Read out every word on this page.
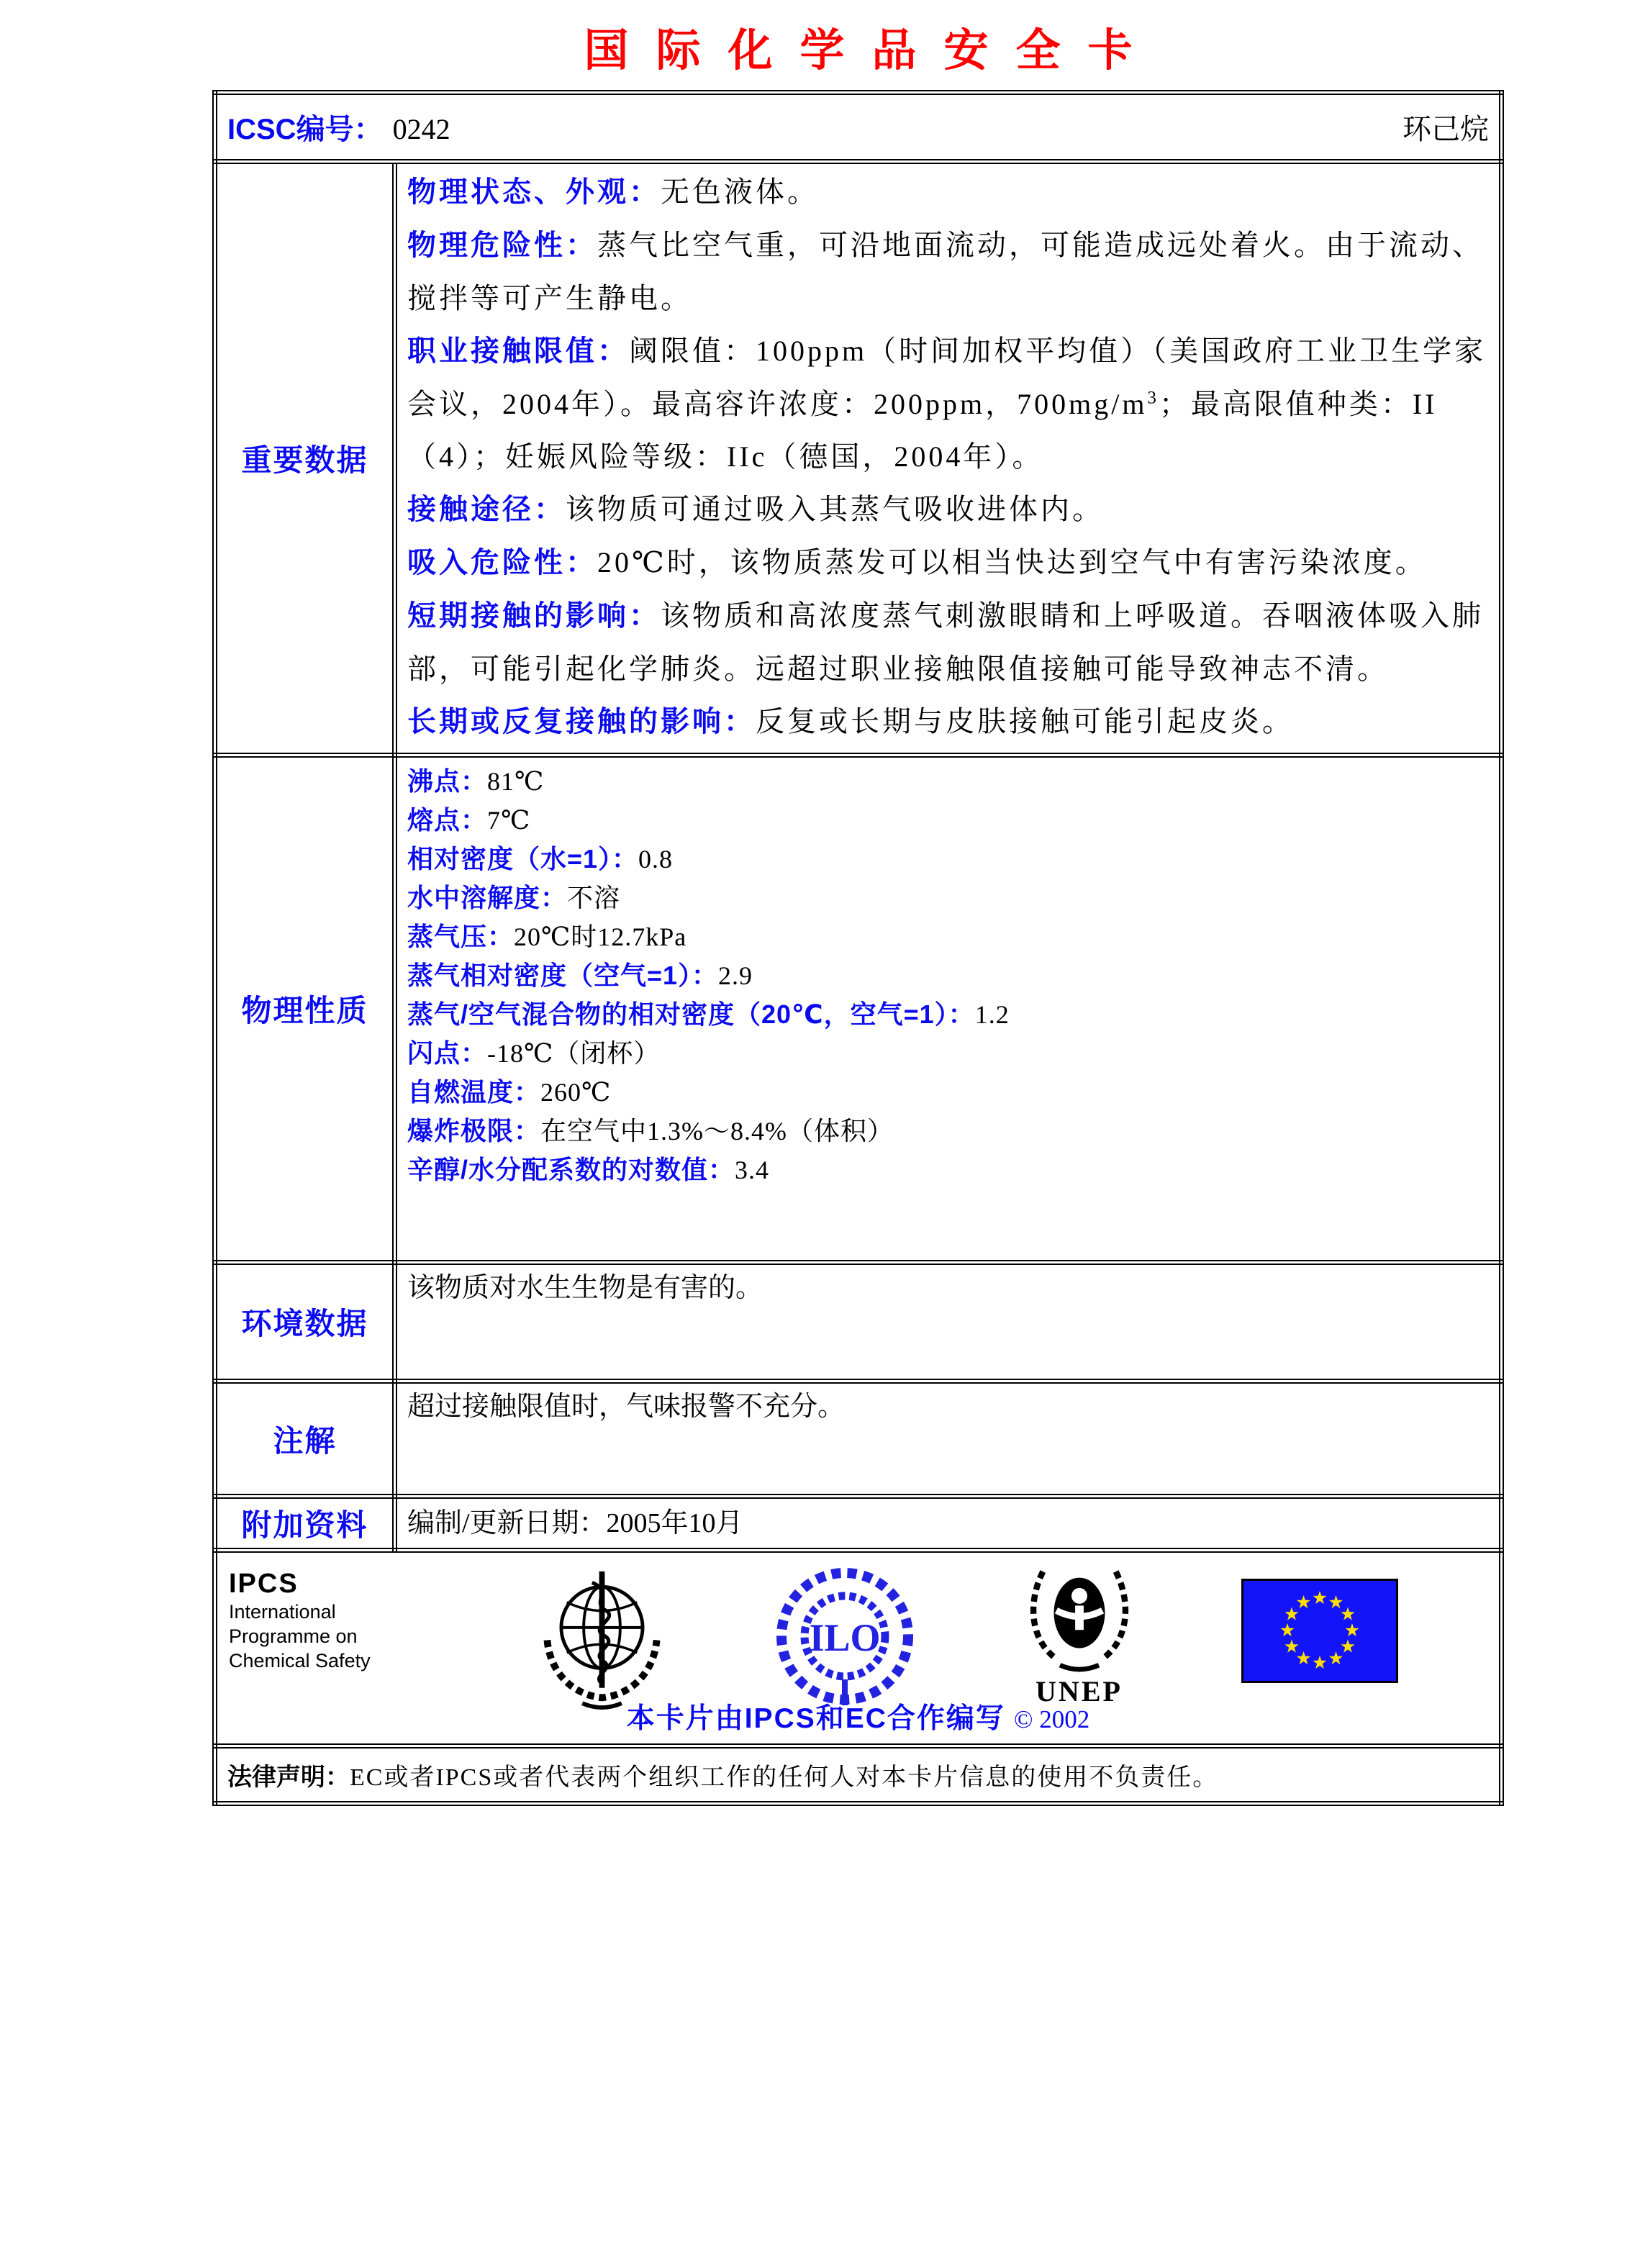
国际化学品安全卡
ICSC编号： 0242 环己烷	

重要数据	
物理状态、外观：无色液体。
物理危险性：蒸气比空气重，可沿地面流动，可能造成远处着火。由于流动、搅拌等可产生静电。
职业接触限值：阈限值：100ppm（时间加权平均值）（美国政府工业卫生学家会议，2004年）。最高容许浓度：200ppm，$700mg/m^3$；最高限值种类：II（4）；妊娠风险等级：IIc（德国，2004年）。
接触途径：该物质可通过吸入其蒸气吸收进体内。
吸入危险性：20℃时，该物质蒸发可以相当快达到空气中有害污染浓度。
短期接触的影响：该物质和高浓度蒸气刺激眼睛和上呼吸道。吞咽液体吸入肺部，可能引起化学肺炎。远超过职业接触限值接触可能导致神志不清。
长期或反复接触的影响：反复或长期与皮肤接触可能引起皮炎。

物理性质	
沸点：81℃
熔点：7℃
相对密度（水=1）：0.8
水中溶解度：不溶
蒸气压：20℃时12.7kPa
蒸气相对密度（空气=1）：2.9
蒸气/空气混合物的相对密度（20℃，空气=1）：1.2
闪点：-18℃（闭杯）
自燃温度：260℃
爆炸极限：在空气中1.3%～8.4%（体积）
辛醇/水分配系数的对数值：3.4

环境数据	该物质对水生生物是有害的。

注解	超过接触限值时，气味报警不充分。

附加资料	编制/更新日期：2005年10月

IPCS
International
Programme on
Chemical Safety
ILO
UNEP
本卡片由IPCS和EC合作编写 © 2002

法律声明：EC或者IPCS或者代表两个组织工作的任何人对本卡片信息的使用不负责任。	
